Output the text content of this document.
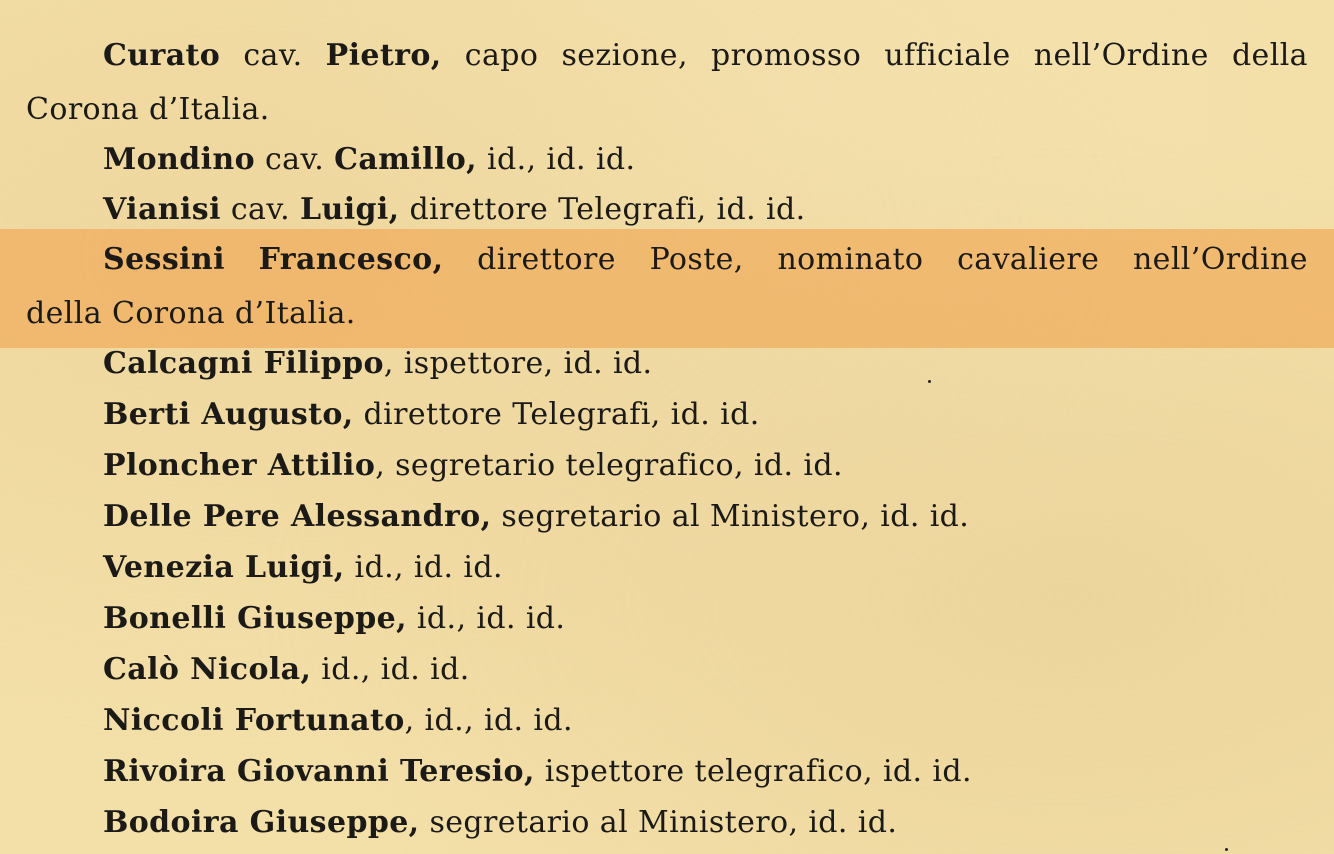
Curato cav. Pietro, capo sezione, promosso ufficiale nell’Ordine della
Corona d’Italia.
Mondino cav. Camillo, id., id. id.
Vianisi cav. Luigi, direttore Telegrafi, id. id.
Sessini Francesco, direttore Poste, nominato cavaliere nell’Ordine
della Corona d’Italia.
Calcagni Filippo, ispettore, id. id.
Berti Augusto, direttore Telegrafi, id. id.
Ploncher Attilio, segretario telegrafico, id. id.
Delle Pere Alessandro, segretario al Ministero, id. id.
Venezia Luigi, id., id. id.
Bonelli Giuseppe, id., id. id.
Calò Nicola, id., id. id.
Niccoli Fortunato, id., id. id.
Rivoira Giovanni Teresio, ispettore telegrafico, id. id.
Bodoira Giuseppe, segretario al Ministero, id. id.
